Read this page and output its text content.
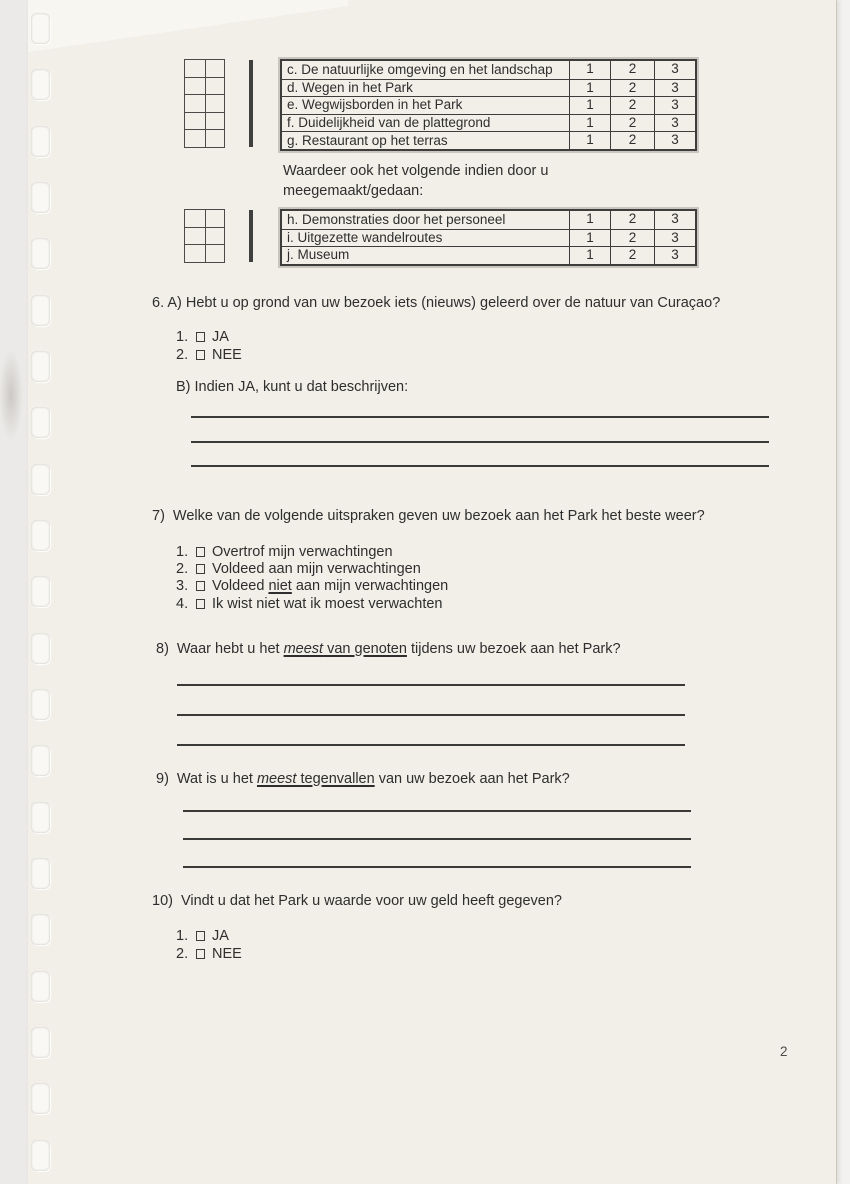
c. De natuurlijke omgeving en het landschap	1	2	3
d. Wegen in het Park	1	2	3
e. Wegwijsborden in het Park	1	2	3
f. Duidelijkheid van de plattegrond	1	2	3
g. Restaurant op het terras	1	2	3
Waardeer ook het volgende indien door u
meegemaakt/gedaan:
h. Demonstraties door het personeel	1	2	3
i. Uitgezette wandelroutes	1	2	3
j. Museum	1	2	3
6. A) Hebt u op grond van uw bezoek iets (nieuws) geleerd over de natuur van Curaçao?
1. JA
2. NEE
B) Indien JA, kunt u dat beschrijven:
7) Welke van de volgende uitspraken geven uw bezoek aan het Park het beste weer?
1. Overtrof mijn verwachtingen
2. Voldeed aan mijn verwachtingen
3. Voldeed niet aan mijn verwachtingen
4. Ik wist niet wat ik moest verwachten
8) Waar hebt u het meest van genoten tijdens uw bezoek aan het Park?
9) Wat is u het meest tegenvallen van uw bezoek aan het Park?
10) Vindt u dat het Park u waarde voor uw geld heeft gegeven?
1. JA
2. NEE
2
